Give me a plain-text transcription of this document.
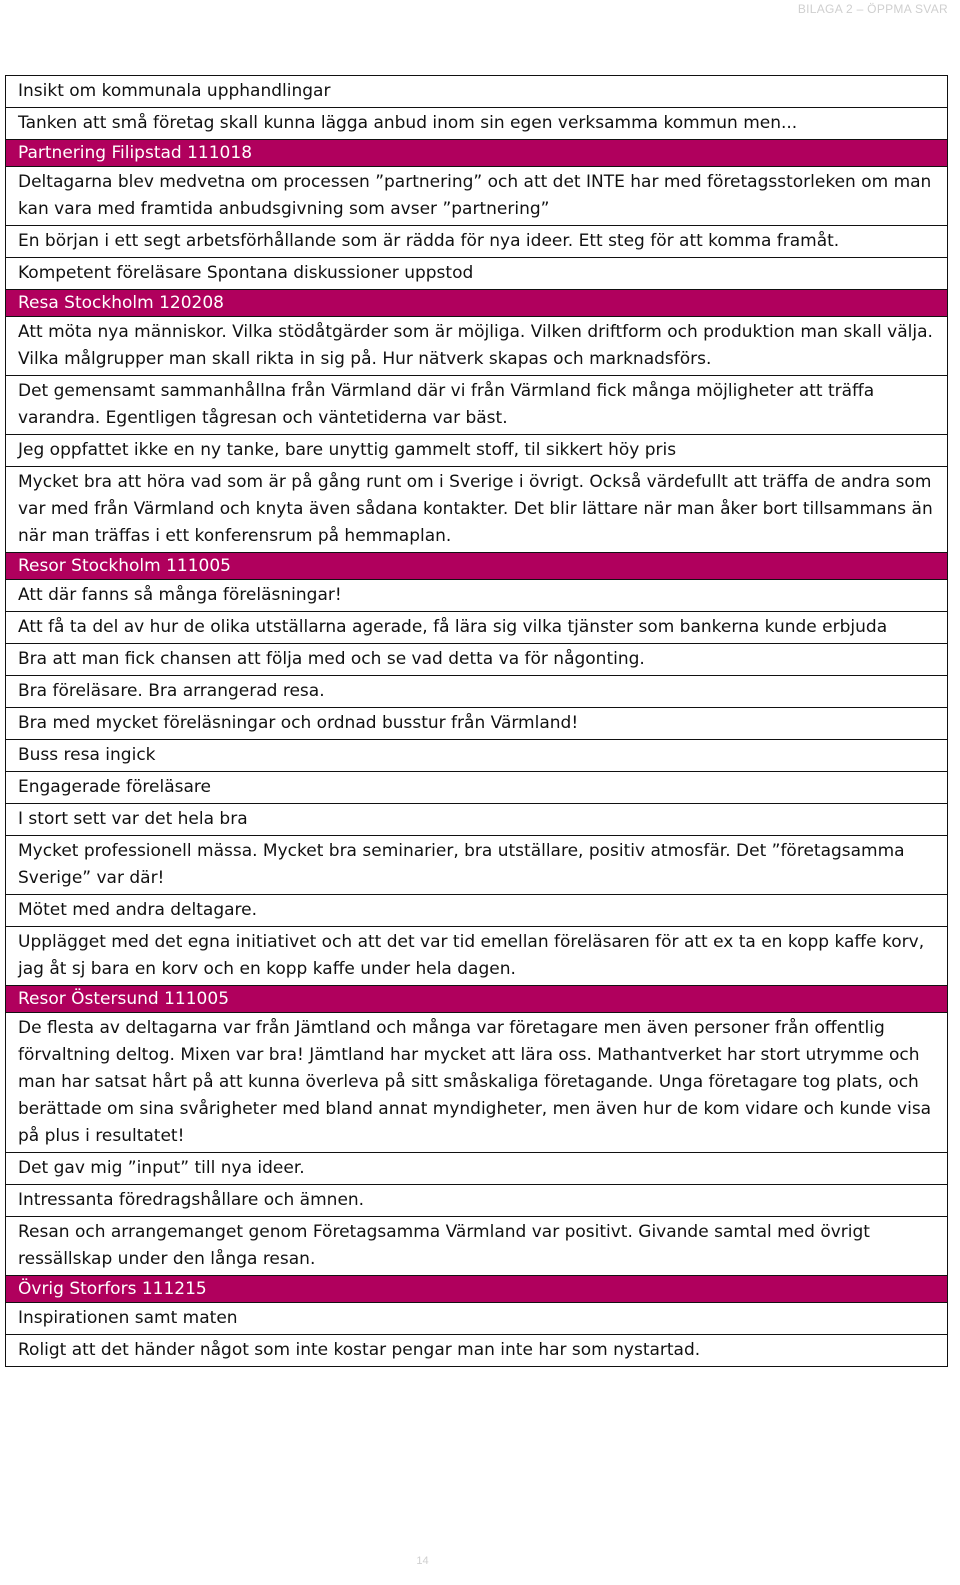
BILAGA 2 – ÖPPMA SVAR
Insikt om kommunala upphandlingar
Tanken att små företag skall kunna lägga anbud inom sin egen verksamma kommun men...
Partnering Filipstad 111018
Deltagarna blev medvetna om processen ”partnering” och att det INTE har med företagsstorleken om man kan vara med framtida anbudsgivning som avser ”partnering”
En början i ett segt arbetsförhållande som är rädda för nya ideer. Ett steg för att komma framåt.
Kompetent föreläsare Spontana diskussioner uppstod
Resa Stockholm 120208
Att möta nya människor. Vilka stödåtgärder som är möjliga. Vilken driftform och produktion man skall välja. Vilka målgrupper man skall rikta in sig på. Hur nätverk skapas och marknadsförs.
Det gemensamt sammanhållna från Värmland där vi från Värmland fick många möjligheter att träffa varandra. Egentligen tågresan och väntetiderna var bäst.
Jeg oppfattet ikke en ny tanke, bare unyttig gammelt stoff, til sikkert höy pris
Mycket bra att höra vad som är på gång runt om i Sverige i övrigt. Också värdefullt att träffa de andra som var med från Värmland och knyta även sådana kontakter. Det blir lättare när man åker bort tillsammans än när man träffas i ett konferensrum på hemmaplan.
Resor Stockholm 111005
Att där fanns så många föreläsningar!
Att få ta del av hur de olika utställarna agerade, få lära sig vilka tjänster som bankerna kunde erbjuda
Bra att man fick chansen att följa med och se vad detta va för någonting.
Bra föreläsare. Bra arrangerad resa.
Bra med mycket föreläsningar och ordnad busstur från Värmland!
Buss resa ingick
Engagerade föreläsare
I stort sett var det hela bra
Mycket professionell mässa. Mycket bra seminarier, bra utställare, positiv atmosfär. Det ”företagsamma Sverige” var där!
Mötet med andra deltagare.
Upplägget med det egna initiativet och att det var tid emellan föreläsaren för att ex ta en kopp kaffe korv, jag åt sj bara en korv och en kopp kaffe under hela dagen.
Resor Östersund 111005
De flesta av deltagarna var från Jämtland och många var företagare men även personer från offentlig förvaltning deltog. Mixen var bra! Jämtland har mycket att lära oss. Mathantverket har stort utrymme och man har satsat hårt på att kunna överleva på sitt småskaliga företagande. Unga företagare tog plats, och berättade om sina svårigheter med bland annat myndigheter, men även hur de kom vidare och kunde visa på plus i resultatet!
Det gav mig ”input” till nya ideer.
Intressanta föredragshållare och ämnen.
Resan och arrangemanget genom Företagsamma Värmland var positivt. Givande samtal med övrigt ressällskap under den långa resan.
Övrig Storfors 111215
Inspirationen samt maten
Roligt att det händer något som inte kostar pengar man inte har som nystartad.
14
